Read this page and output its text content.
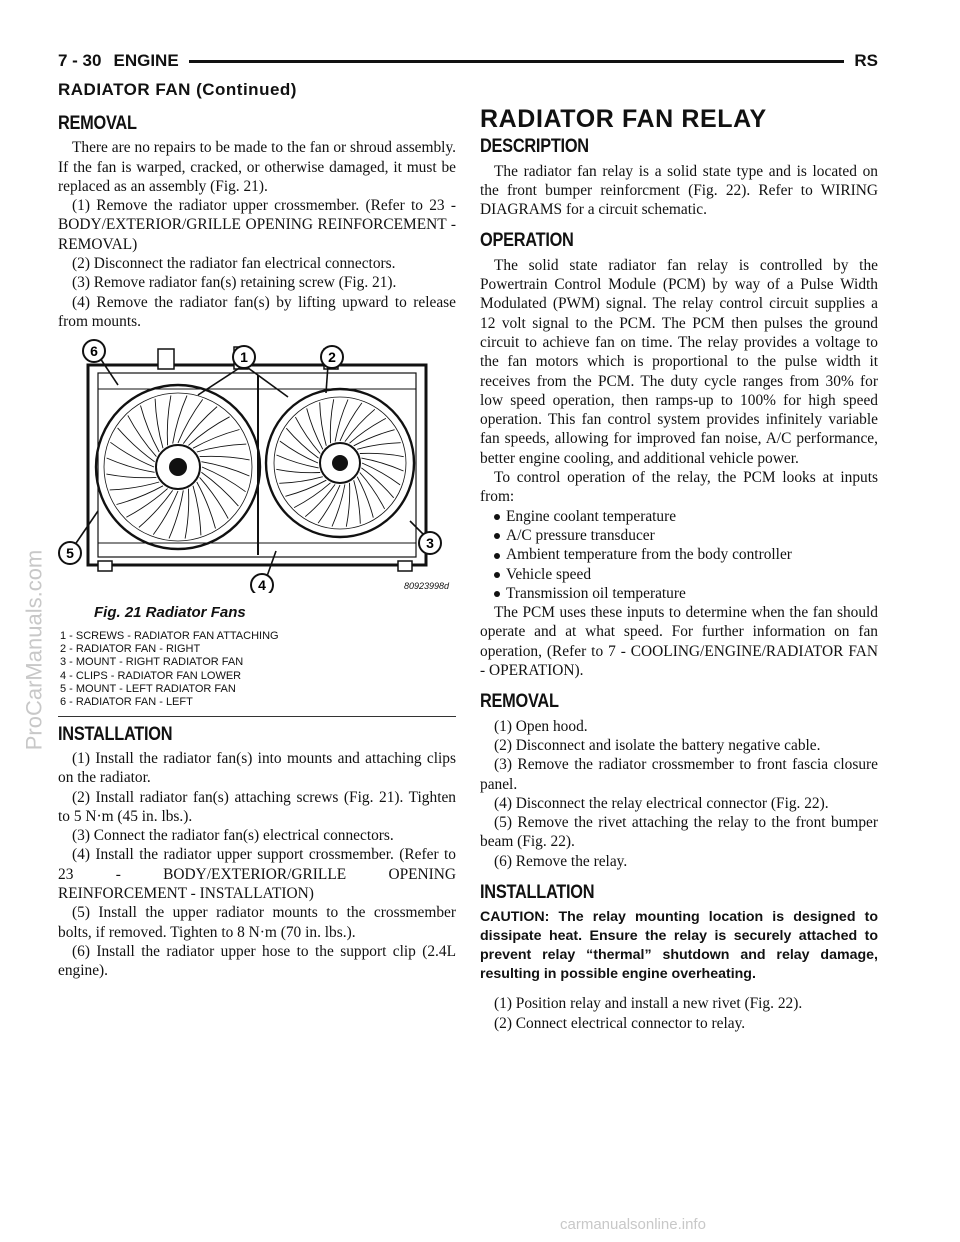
7 - 30 ENGINE	RS
RADIATOR FAN (Continued)
ProCarManuals.com
REMOVAL

There are no repairs to be made to the fan or shroud assembly. If the fan is warped, cracked, or otherwise damaged, it must be replaced as an assembly (Fig. 21).

(1) Remove the radiator upper crossmember. (Refer to 23 - BODY/EXTERIOR/GRILLE OPENING REINFORCEMENT - REMOVAL)

(2) Disconnect the radiator fan electrical connectors.

(3) Remove radiator fan(s) retaining screw (Fig. 21).

(4) Remove the radiator fan(s) by lifting upward to release from mounts.

1	2
3
4
5
6
80923998d
Fig. 21 Radiator Fans
1 - SCREWS - RADIATOR FAN ATTACHING
2 - RADIATOR FAN - RIGHT
3 - MOUNT - RIGHT RADIATOR FAN
4 - CLIPS - RADIATOR FAN LOWER
5 - MOUNT - LEFT RADIATOR FAN
6 - RADIATOR FAN - LEFT
INSTALLATION

(1) Install the radiator fan(s) into mounts and attaching clips on the radiator.

(2) Install radiator fan(s) attaching screws (Fig. 21). Tighten to 5 N·m (45 in. lbs.).

(3) Connect the radiator fan(s) electrical connectors.

(4) Install the radiator upper support crossmember. (Refer to 23 - BODY/EXTERIOR/GRILLE OPENING REINFORCEMENT - INSTALLATION)

(5) Install the upper radiator mounts to the crossmember bolts, if removed. Tighten to 8 N·m (70 in. lbs.).

(6) Install the radiator upper hose to the support clip (2.4L engine).

RADIATOR FAN RELAY
DESCRIPTION

The radiator fan relay is a solid state type and is located on the front bumper reinforcment (Fig. 22). Refer to WIRING DIAGRAMS for a circuit schematic.

OPERATION

The solid state radiator fan relay is controlled by the Powertrain Control Module (PCM) by way of a Pulse Width Modulated (PWM) signal. The relay control circuit supplies a 12 volt signal to the PCM. The PCM then pulses the ground circuit to achieve fan on time. The relay provides a voltage to the fan motors which is proportional to the pulse width it receives from the PCM. The duty cycle ranges from 30% for low speed operation, then ramps-up to 100% for high speed operation. This fan control system provides infinitely variable fan speeds, allowing for improved fan noise, A/C performance, better engine cooling, and additional vehicle power.

To control operation of the relay, the PCM looks at inputs from:

Engine coolant temperature
A/C pressure transducer
Ambient temperature from the body controller
Vehicle speed
Transmission oil temperature

The PCM uses these inputs to determine when the fan should operate and at what speed. For further information on fan operation, (Refer to 7 - COOLING/ENGINE/RADIATOR FAN - OPERATION).

REMOVAL

(1) Open hood.

(2) Disconnect and isolate the battery negative cable.

(3) Remove the radiator crossmember to front fascia closure panel.

(4) Disconnect the relay electrical connector (Fig. 22).

(5) Remove the rivet attaching the relay to the front bumper beam (Fig. 22).

(6) Remove the relay.

INSTALLATION
CAUTION: The relay mounting location is designed to dissipate heat. Ensure the relay is securely attached to prevent relay “thermal” shutdown and relay damage, resulting in possible engine overheating.

(1) Position relay and install a new rivet (Fig. 22).

(2) Connect electrical connector to relay.

carmanualsonline.info
